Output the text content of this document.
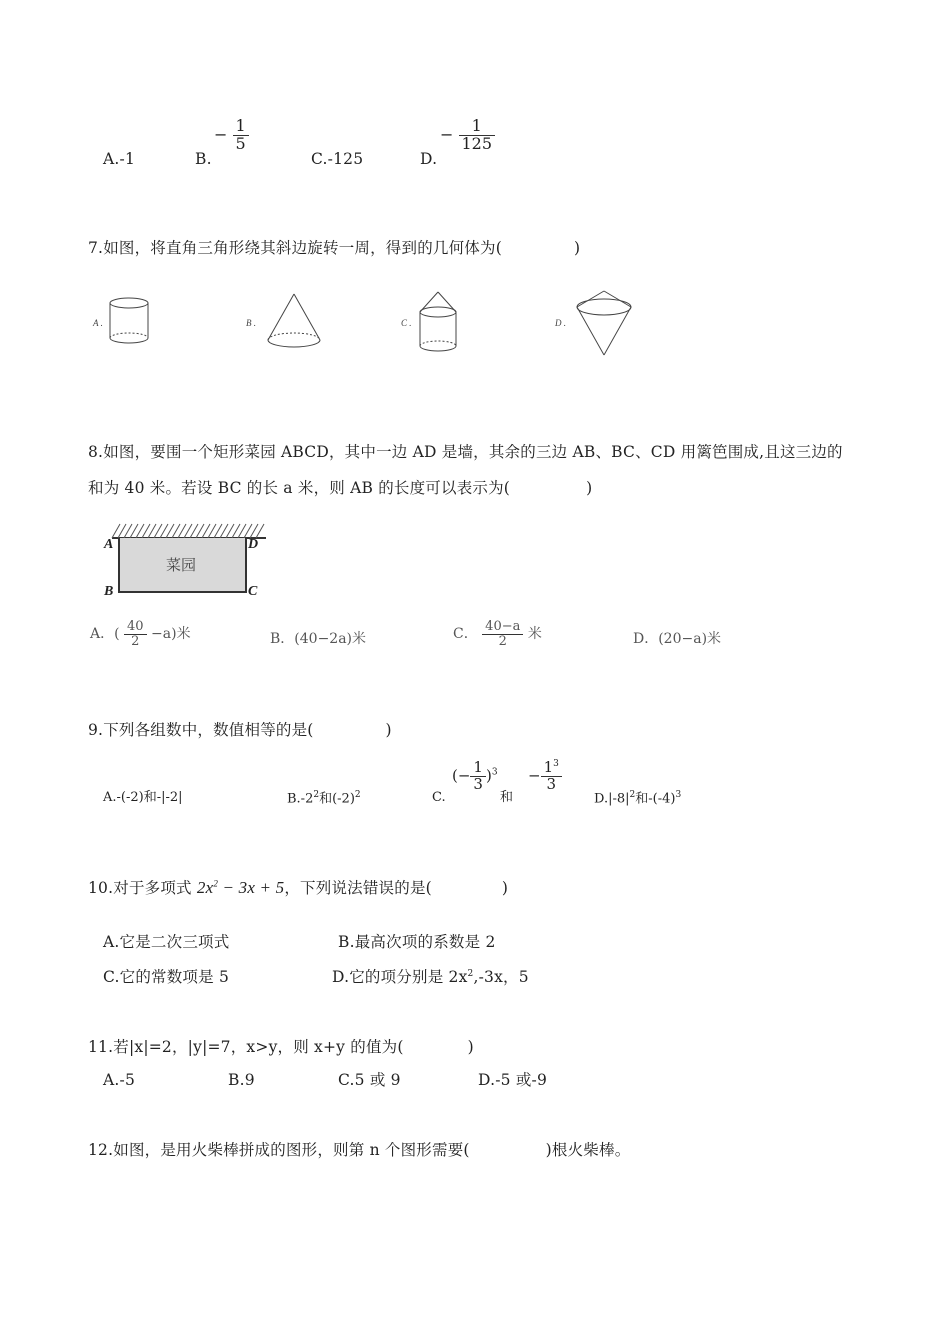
A.-1	B.
− $\frac{1}{5}$
C.-125	D.
− $\frac{1}{125}$
7.如图，将直角三角形绕其斜边旋转一周，得到的几何体为(	)
A .	B .	C .	D .
8.如图，要围一个矩形菜园 ABCD，其中一边 AD 是墙，其余的三边 AB、BC、CD 用篱笆围成,且这三边的
和为 40 米。若设 BC 的长 a 米，则 AB 的长度可以表示为(	)
菜园
A	D
B	C
A．( $\frac{40}{2} -a$)米	B．(40−2a)米	C． $\frac{40-a}{2}$ 米	D．(20−a)米
9.下列各组数中，数值相等的是(	)
A.-(-2)和-|-2|	$B.-2^2$和$(-2)^2$	C.
(− $\frac{1}{3} )^3$
和
− $\frac{1^3}{3}$
$D.|-8|^2$和$-(-4)^3$
10.对于多项式 $2x^2 - 3x + 5$，下列说法错误的是(	)
A.它是二次三项式	B.最高次项的系数是 2
C.它的常数项是 5	D.它的项分别是 $2x^2,-3x$，5
11.若|x|=2，|y|=7，x>y，则 x+y 的值为(	)
A.-5	B.9	C.5 或 9	D.-5 或-9
12.如图，是用火柴棒拼成的图形，则第 n 个图形需要(	)根火柴棒。
